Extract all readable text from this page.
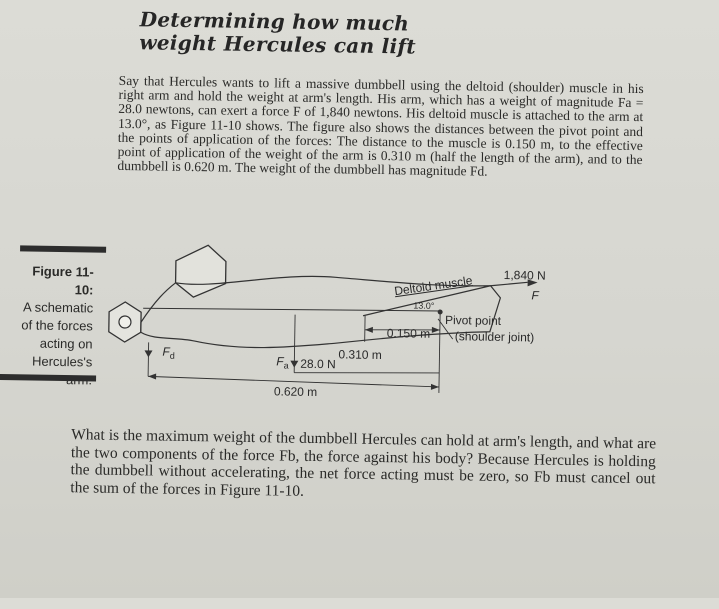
Determining how much
weight Hercules can lift
Say that Hercules wants to lift a massive dumbbell using the deltoid (shoulder) muscle in his right arm and hold the weight at arm's length. His arm, which has a weight of magnitude Fa = 28.0 newtons, can exert a force F of 1,840 newtons. His deltoid muscle is attached to the arm at 13.0°, as Figure 11-10 shows. The figure also shows the distances between the pivot point and the points of application of the forces: The distance to the muscle is 0.150 m, to the effective point of application of the weight of the arm is 0.310 m (half the length of the arm), and to the dumbbell is 0.620 m. The weight of the dumbbell has magnitude Fd.
Figure 11-10:
A schematic of the forces acting on Hercules's
1,840 N
F
Deltoid muscle
13.0°
Pivot point
(shoulder joint)
0.150 m
0.310 m
0.620 m
$F_a$ 28.0 N
$F_d$
What is the maximum weight of the dumbbell Hercules can hold at arm's length, and what are the two components of the force Fb, the force against his body? Because Hercules is holding the dumbbell without accelerating, the net force acting must be zero, so Fb must cancel out the sum of the forces in Figure 11-10.
